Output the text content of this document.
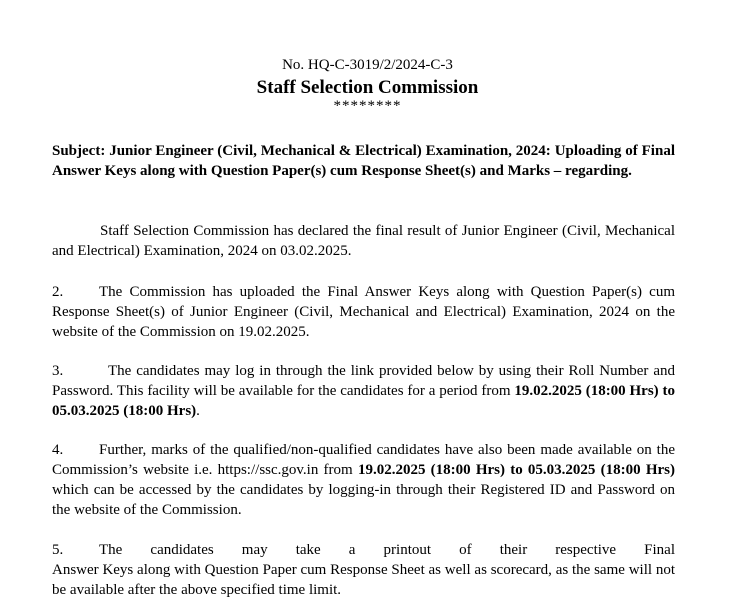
No. HQ-C-3019/2/2024-C-3
Staff Selection Commission
********
Subject: Junior Engineer (Civil, Mechanical & Electrical) Examination, 2024: Uploading of Final Answer Keys along with Question Paper(s) cum Response Sheet(s) and Marks – regarding.
Staff Selection Commission has declared the final result of Junior Engineer (Civil, Mechanical and Electrical) Examination, 2024 on 03.02.2025.
2. The Commission has uploaded the Final Answer Keys along with Question Paper(s) cum Response Sheet(s) of Junior Engineer (Civil, Mechanical and Electrical) Examination, 2024 on the website of the Commission on 19.02.2025.
3.	The candidates may log in through the link provided below by using their Roll Number and Password. This facility will be available for the candidates for a period from 19.02.2025 (18:00 Hrs) to 05.03.2025 (18:00 Hrs).
4. Further, marks of the qualified/non-qualified candidates have also been made available on the Commission’s website i.e. https://ssc.gov.in from 19.02.2025 (18:00 Hrs) to 05.03.2025 (18:00 Hrs) which can be accessed by the candidates by logging-in through their Registered ID and Password on the website of the Commission.
5. The candidates may take a printout of their respective Final
Answer Keys along with Question Paper cum Response Sheet as well as scorecard, as the same will not be available after the above specified time limit.
